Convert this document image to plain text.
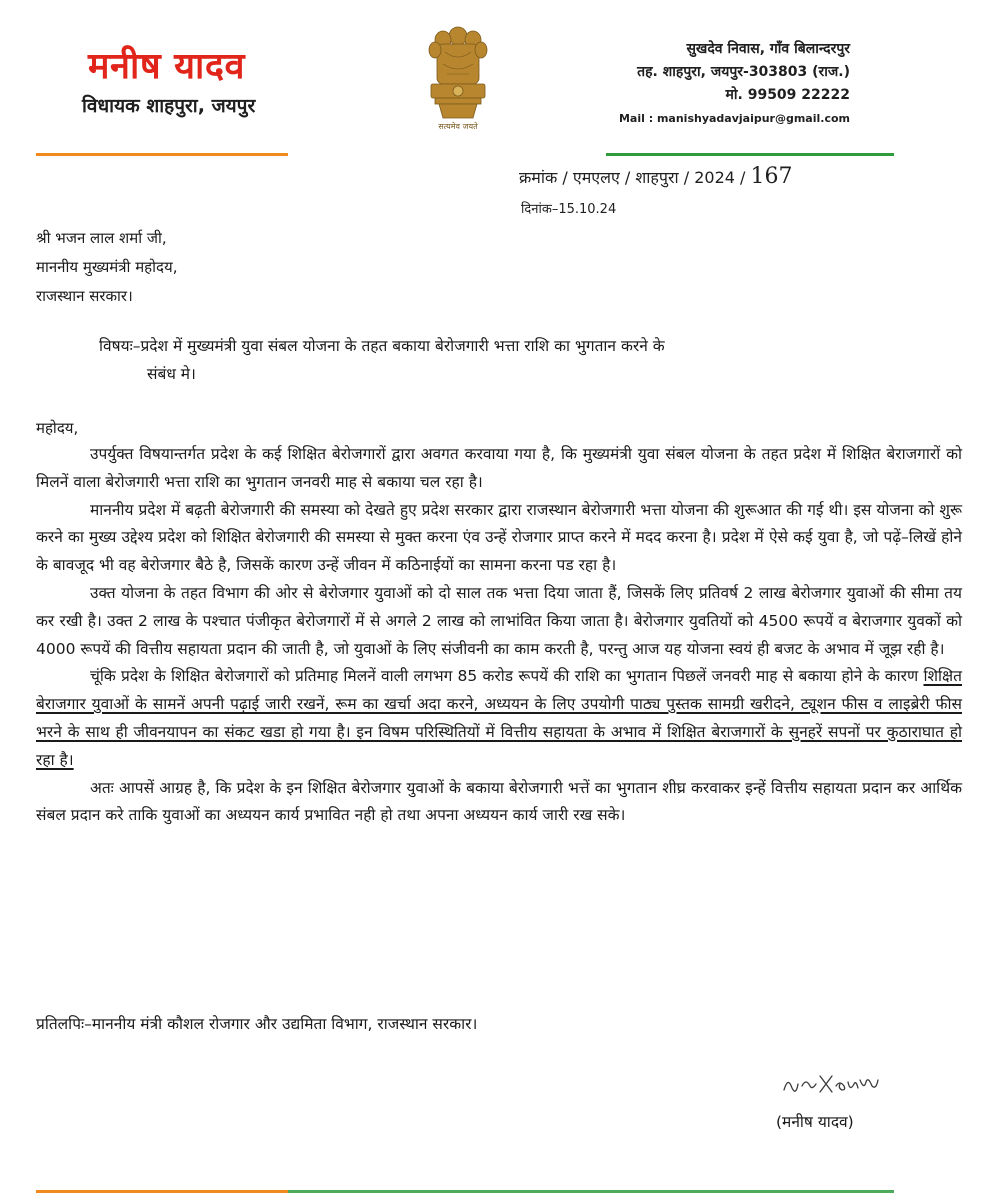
मनीष यादव
विधायक शाहपुरा, जयपुर
सत्यमेव जयते
सुखदेव निवास, गाँव बिलान्दरपुर
तह. शाहपुरा, जयपुर-303803 (राज.)
मो. 99509 22222
Mail : manishyadavjaipur@gmail.com
क्रमांक / एमएलए / शाहपुरा / 2024 / 167
दिनांक–15.10.24
श्री भजन लाल शर्मा जी,
माननीय मुख्यमंत्री महोदय,
राजस्थान सरकार।
विषयः–प्रदेश में मुख्यमंत्री युवा संबल योजना के तहत बकाया बेरोजगारी भत्ता राशि का भुगतान करने के
संबंध मे।
महोदय,

उपर्युक्त विषयान्तर्गत प्रदेश के कई शिक्षित बेरोजगारों द्वारा अवगत करवाया गया है, कि मुख्यमंत्री युवा संबल योजना के तहत प्रदेश में शिक्षित बेराजगारों को मिलनें वाला बेरोजगारी भत्ता राशि का भुगतान जनवरी माह से बकाया चल रहा है।

माननीय प्रदेश में बढ़ती बेरोजगारी की समस्या को देखते हुए प्रदेश सरकार द्वारा राजस्थान बेरोजगारी भत्ता योजना की शुरूआत की गई थी। इस योजना को शुरू करने का मुख्य उद्देश्य प्रदेश को शिक्षित बेरोजगारी की समस्या से मुक्त करना एंव उन्हें रोजगार प्राप्त करने में मदद करना है। प्रदेश में ऐसे कई युवा है, जो पढ़ें–लिखें होने के बावजूद भी वह बेरोजगार बैठे है, जिसकें कारण उन्हें जीवन में कठिनाईयों का सामना करना पड रहा है।

उक्त योजना के तहत विभाग की ओर से बेरोजगार युवाओं को दो साल तक भत्ता दिया जाता हैं, जिसकें लिए प्रतिवर्ष 2 लाख बेरोजगार युवाओं की सीमा तय कर रखी है। उक्त 2 लाख के पश्चात पंजीकृत बेरोजगारों में से अगले 2 लाख को लाभांवित किया जाता है। बेरोजगार युवतियों को 4500 रूपयें व बेराजगार युवकों को 4000 रूपयें की वित्तीय सहायता प्रदान की जाती है, जो युवाओं के लिए संजीवनी का काम करती है, परन्तु आज यह योजना स्वयं ही बजट के अभाव में जूझ रही है।

चूंकि प्रदेश के शिक्षित बेरोजगारों को प्रतिमाह मिलनें वाली लगभग 85 करोड रूपयें की राशि का भुगतान पिछलें जनवरी माह से बकाया होने के कारण शिक्षित बेराजगार युवाओं के सामनें अपनी पढ़ाई जारी रखनें, रूम का खर्चा अदा करने, अध्ययन के लिए उपयोगी पाठ्य पुस्तक सामग्री खरीदने, ट्यूशन फीस व लाइब्रेरी फीस भरने के साथ ही जीवनयापन का संकट खडा हो गया है। इन विषम परिस्थितियों में वित्तीय सहायता के अभाव में शिक्षित बेराजगारों के सुनहरें सपनों पर कुठाराघात हो रहा है।

अतः आपसें आग्रह है, कि प्रदेश के इन शिक्षित बेरोजगार युवाओं के बकाया बेरोजगारी भत्तें का भुगतान शीघ्र करवाकर इन्हें वित्तीय सहायता प्रदान कर आर्थिक संबल प्रदान करे ताकि युवाओं का अध्ययन कार्य प्रभावित नही हो तथा अपना अध्ययन कार्य जारी रख सके।

प्रतिलपिः–माननीय मंत्री कौशल रोजगार और उद्यमिता विभाग, राजस्थान सरकार।
(मनीष यादव)
